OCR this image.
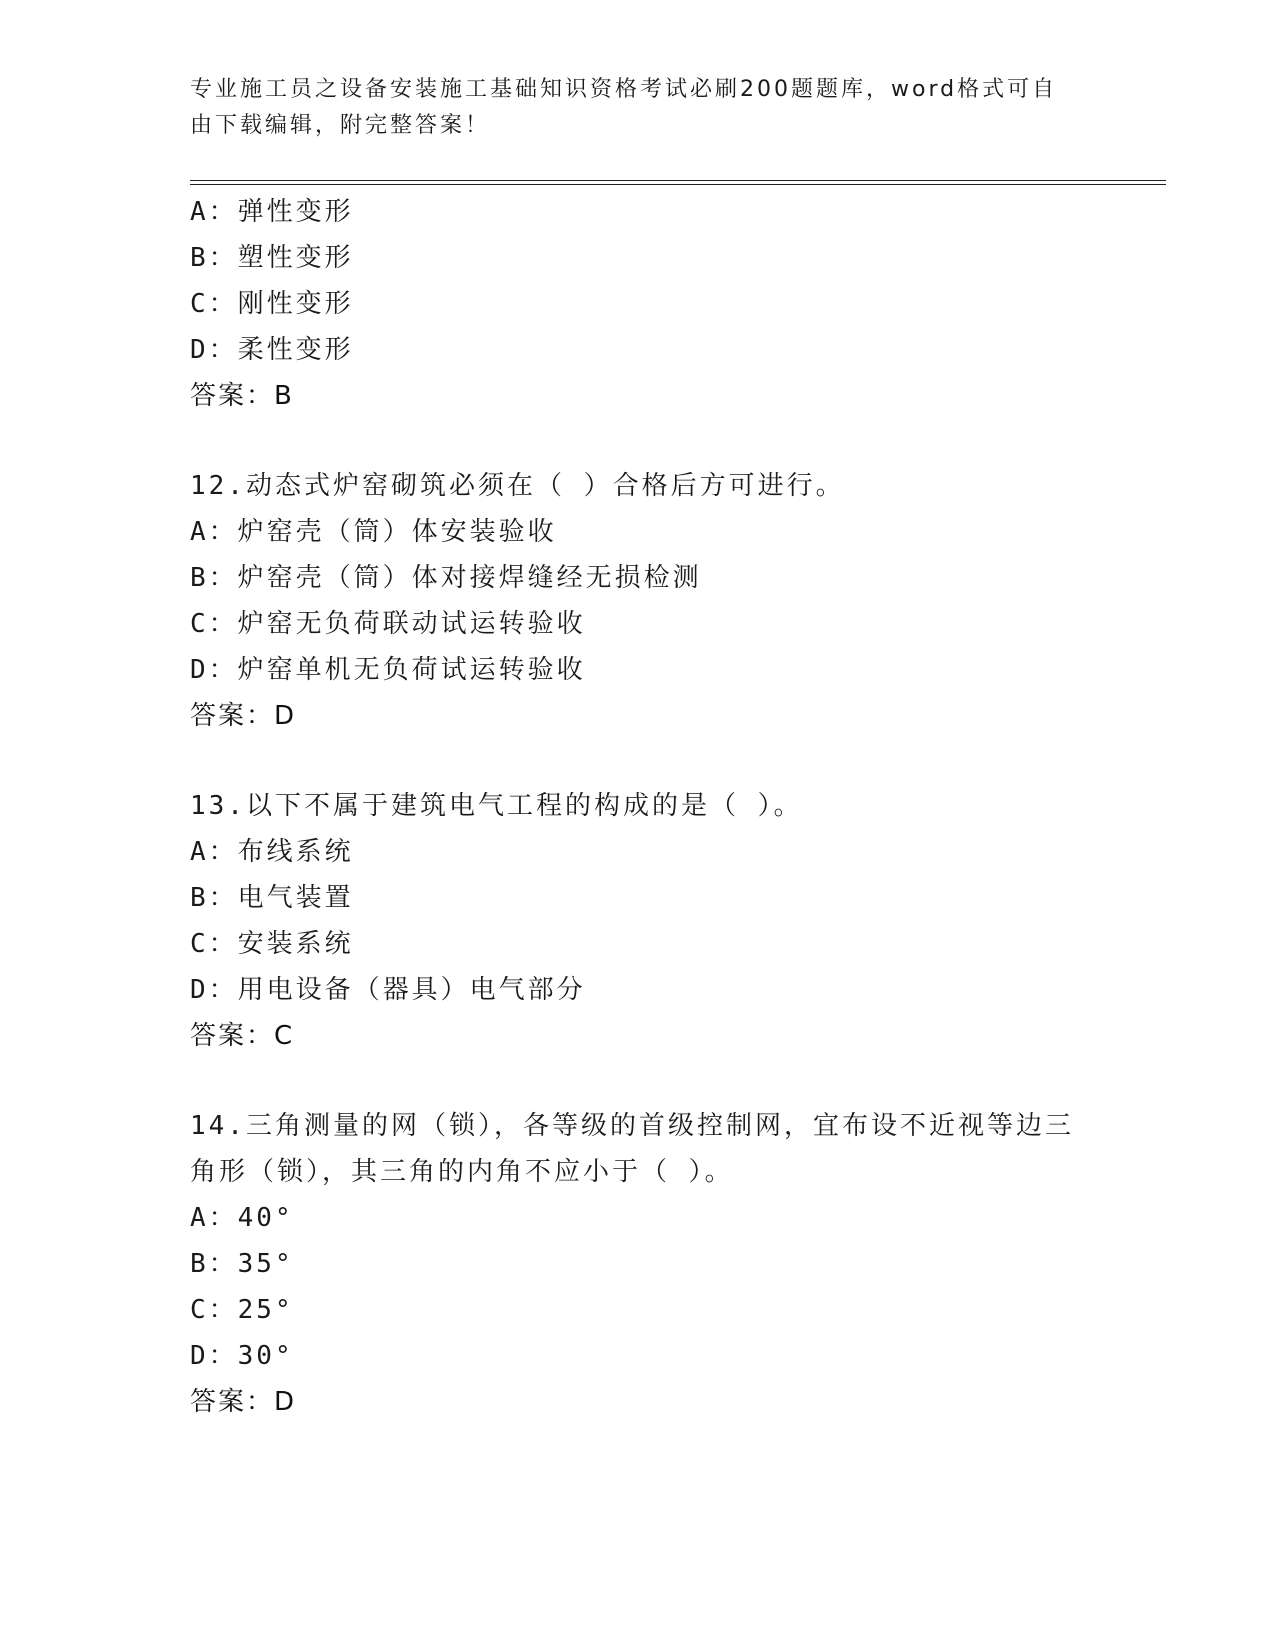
专业施工员之设备安装施工基础知识资格考试必刷200题题库，word格式可自由下载编辑，附完整答案！
A：弹性变形
B：塑性变形
C：刚性变形
D：柔性变形
答案：B
12.动态式炉窑砌筑必须在（ ）合格后方可进行。
A：炉窑壳（筒）体安装验收
B：炉窑壳（筒）体对接焊缝经无损检测
C：炉窑无负荷联动试运转验收
D：炉窑单机无负荷试运转验收
答案：D
13.以下不属于建筑电气工程的构成的是（ ）。
A：布线系统
B：电气装置
C：安装系统
D：用电设备（器具）电气部分
答案：C
14.三角测量的网（锁），各等级的首级控制网，宜布设不近视等边三角形（锁），其三角的内角不应小于（ ）。
A：40°
B：35°
C：25°
D：30°
答案：D
